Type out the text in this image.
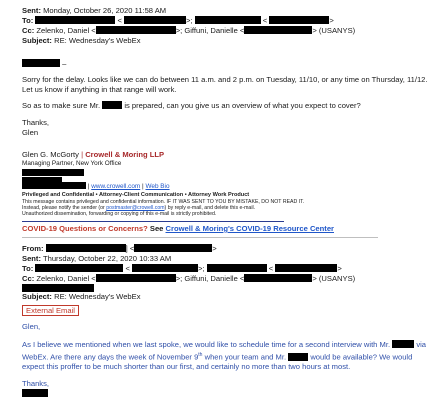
Sent: Monday, October 26, 2020 11:58 AM
To:	<	>;	<	>
Cc: Zelenko, Daniel <	>; Giffuni, Danielle <	> (USANYS)
Subject: RE: Wednesday's WebEx
–
Sorry for the delay. Looks like we can do between 11 a.m. and 2 p.m. on Tuesday, 11/10, or any time on Thursday, 11/12.
Let us know if anything in that range will work.
So as to make sure Mr.	is prepared, can you give us an overview of what you expect to cover?
Thanks,
Glen
Glen G. McGorty | Crowell & Moring LLP
Managing Partner, New York Office
| www.crowell.com | Web Bio
Privileged and Confidential • Attorney-Client Communication • Attorney Work Product
This message contains privileged and confidential information. IF IT WAS SENT TO YOU BY MISTAKE, DO NOT READ IT.
Instead, please notify the sender (or postmaster@crowell.com) by reply e-mail, and delete this e-mail.
Unauthorized dissemination, forwarding or copying of this e-mail is strictly prohibited.
COVID-19 Questions or Concerns? See Crowell & Moring's COVID-19 Resource Center
From:	] <	>
Sent: Thursday, October 22, 2020 10:33 AM
To:	<	>;	<	>
Cc: Zelenko, Daniel <	>; Giffuni, Danielle <	> (USANYS)
Subject: RE: Wednesday's WebEx
External Email
Glen,
As I believe we mentioned when we last spoke, we would like to schedule time for a second interview with Mr.	via
WebEx. Are there any days the week of November 9th when your team and Mr.	would be available? We would
expect this proffer to be much shorter than our first, and certainly no more than two hours at most.
Thanks,
